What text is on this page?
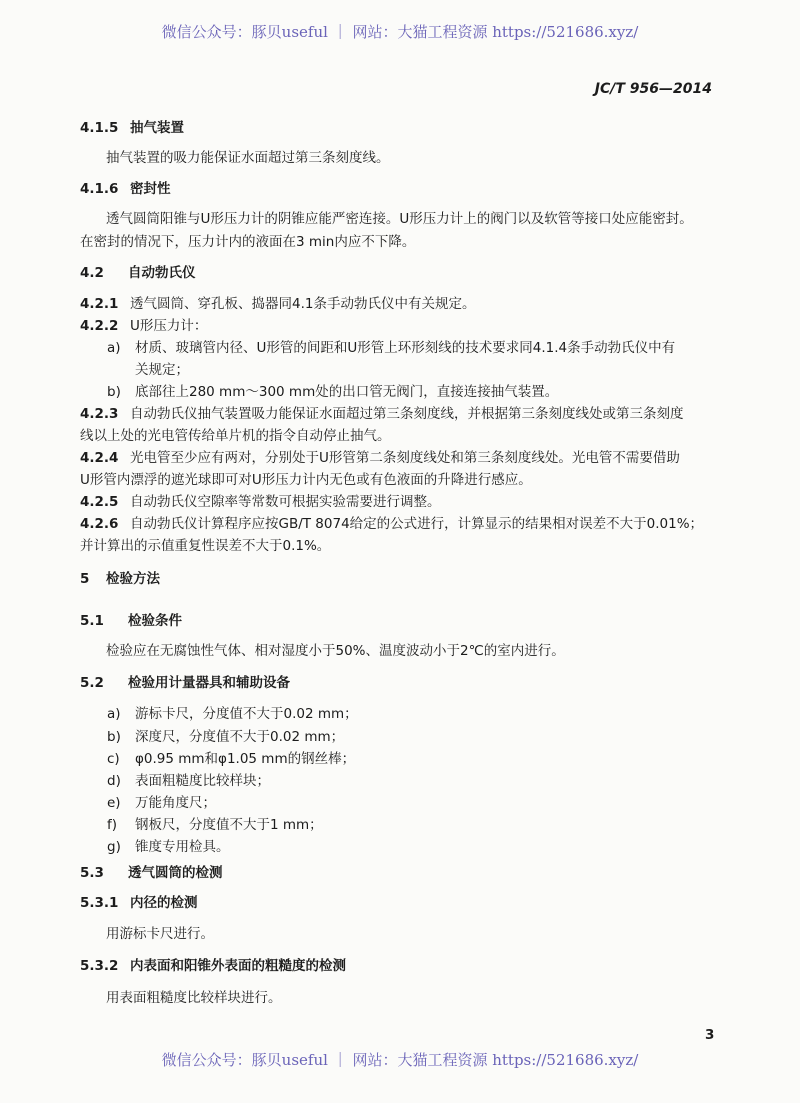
微信公众号：豚贝useful ｜ 网站：大猫工程资源 https://521686.xyz/
JC/T 956—2014
4.1.5 抽气装置
抽气装置的吸力能保证水面超过第三条刻度线。
4.1.6 密封性
透气圆筒阳锥与U形压力计的阴锥应能严密连接。U形压力计上的阀门以及软管等接口处应能密封。
在密封的情况下，压力计内的液面在3 min内应不下降。
4.2 自动勃氏仪
4.2.1 透气圆筒、穿孔板、捣器同4.1条手动勃氏仪中有关规定。
4.2.2 U形压力计：
a) 材质、玻璃管内径、U形管的间距和U形管上环形刻线的技术要求同4.1.4条手动勃氏仪中有
关规定；
b) 底部往上280 mm～300 mm处的出口管无阀门，直接连接抽气装置。
4.2.3 自动勃氏仪抽气装置吸力能保证水面超过第三条刻度线，并根据第三条刻度线处或第三条刻度
线以上处的光电管传给单片机的指令自动停止抽气。
4.2.4 光电管至少应有两对，分别处于U形管第二条刻度线处和第三条刻度线处。光电管不需要借助
U形管内漂浮的遮光球即可对U形压力计内无色或有色液面的升降进行感应。
4.2.5 自动勃氏仪空隙率等常数可根据实验需要进行调整。
4.2.6 自动勃氏仪计算程序应按GB/T 8074给定的公式进行，计算显示的结果相对误差不大于0.01%；
并计算出的示值重复性误差不大于0.1%。
5 检验方法
5.1 检验条件
检验应在无腐蚀性气体、相对湿度小于50%、温度波动小于2℃的室内进行。
5.2 检验用计量器具和辅助设备
a) 游标卡尺，分度值不大于0.02 mm；
b) 深度尺，分度值不大于0.02 mm；
c) φ0.95 mm和φ1.05 mm的钢丝棒；
d) 表面粗糙度比较样块；
e) 万能角度尺；
f) 钢板尺，分度值不大于1 mm；
g) 锥度专用检具。
5.3 透气圆筒的检测
5.3.1 内径的检测
用游标卡尺进行。
5.3.2 内表面和阳锥外表面的粗糙度的检测
用表面粗糙度比较样块进行。
3
微信公众号：豚贝useful ｜ 网站：大猫工程资源 https://521686.xyz/
